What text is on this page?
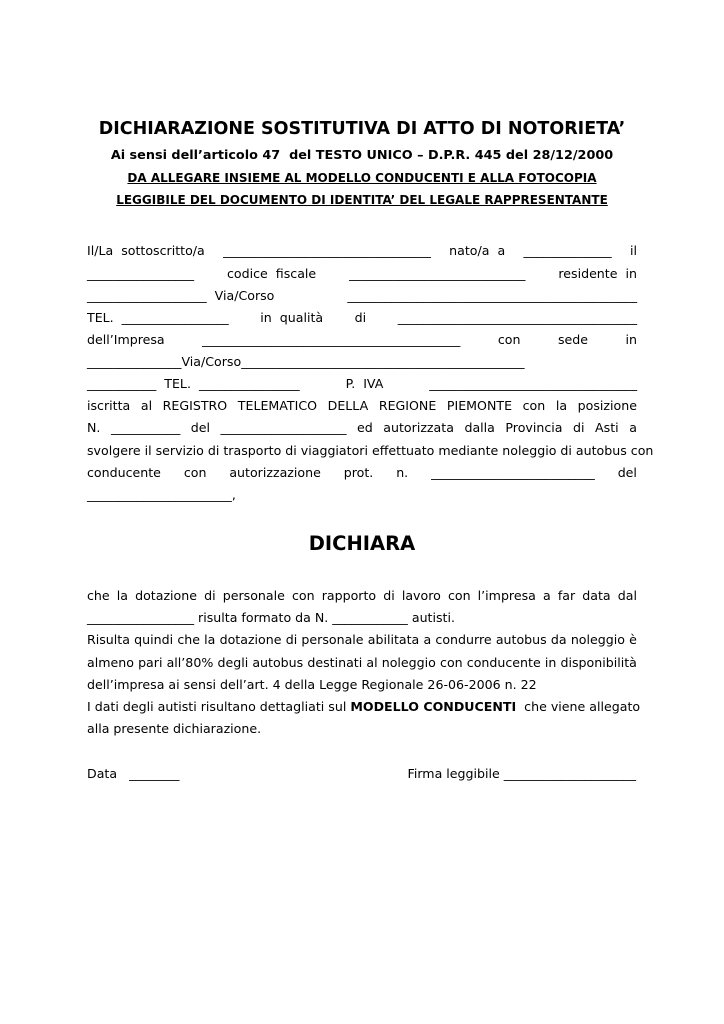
DICHIARAZIONE SOSTITUTIVA DI ATTO DI NOTORIETA’
Ai sensi dell’articolo 47  del TESTO UNICO – D.P.R. 445 del 28/12/2000
DA ALLEGARE INSIEME AL MODELLO CONDUCENTI E ALLA FOTOCOPIA
LEGGIBILE DEL DOCUMENTO DI IDENTITA’ DEL LEGALE RAPPRESENTANTE
Il/La  sottoscritto/a _________________________________ nato/a  a ______________ il
_________________	codice  fiscale	____________________________	residente  in
___________________  Via/Corso	______________________________________________
TEL.  _________________	in  qualità	di	______________________________________
dell’Impresa	_________________________________________	con	sede	in
_______________Via/Corso_____________________________________________
___________  TEL.  ________________	P.  IVA	_________________________________
iscritta al REGISTRO TELEMATICO DELLA REGIONE PIEMONTE con la posizione
N. ___________ del ____________________ ed autorizzata dalla Provincia di Asti a
svolgere il servizio di trasporto di viaggiatori effettuato mediante noleggio di autobus con
conducente con autorizzazione prot. n. __________________________ del
_______________________,
DICHIARA
che la dotazione di personale con rapporto di lavoro con l’impresa a far data dal
_________________ risulta formato da N. ____________ autisti.
Risulta quindi che la dotazione di personale abilitata a condurre autobus da noleggio è
almeno pari all’80% degli autobus destinati al noleggio con conducente in disponibilità
dell’impresa ai sensi dell’art. 4 della Legge Regionale 26-06-2006 n. 22
I dati degli autisti risultano dettagliati sul MODELLO CONDUCENTI  che viene allegato
alla presente dichiarazione.
Data   ________	Firma leggibile _____________________
